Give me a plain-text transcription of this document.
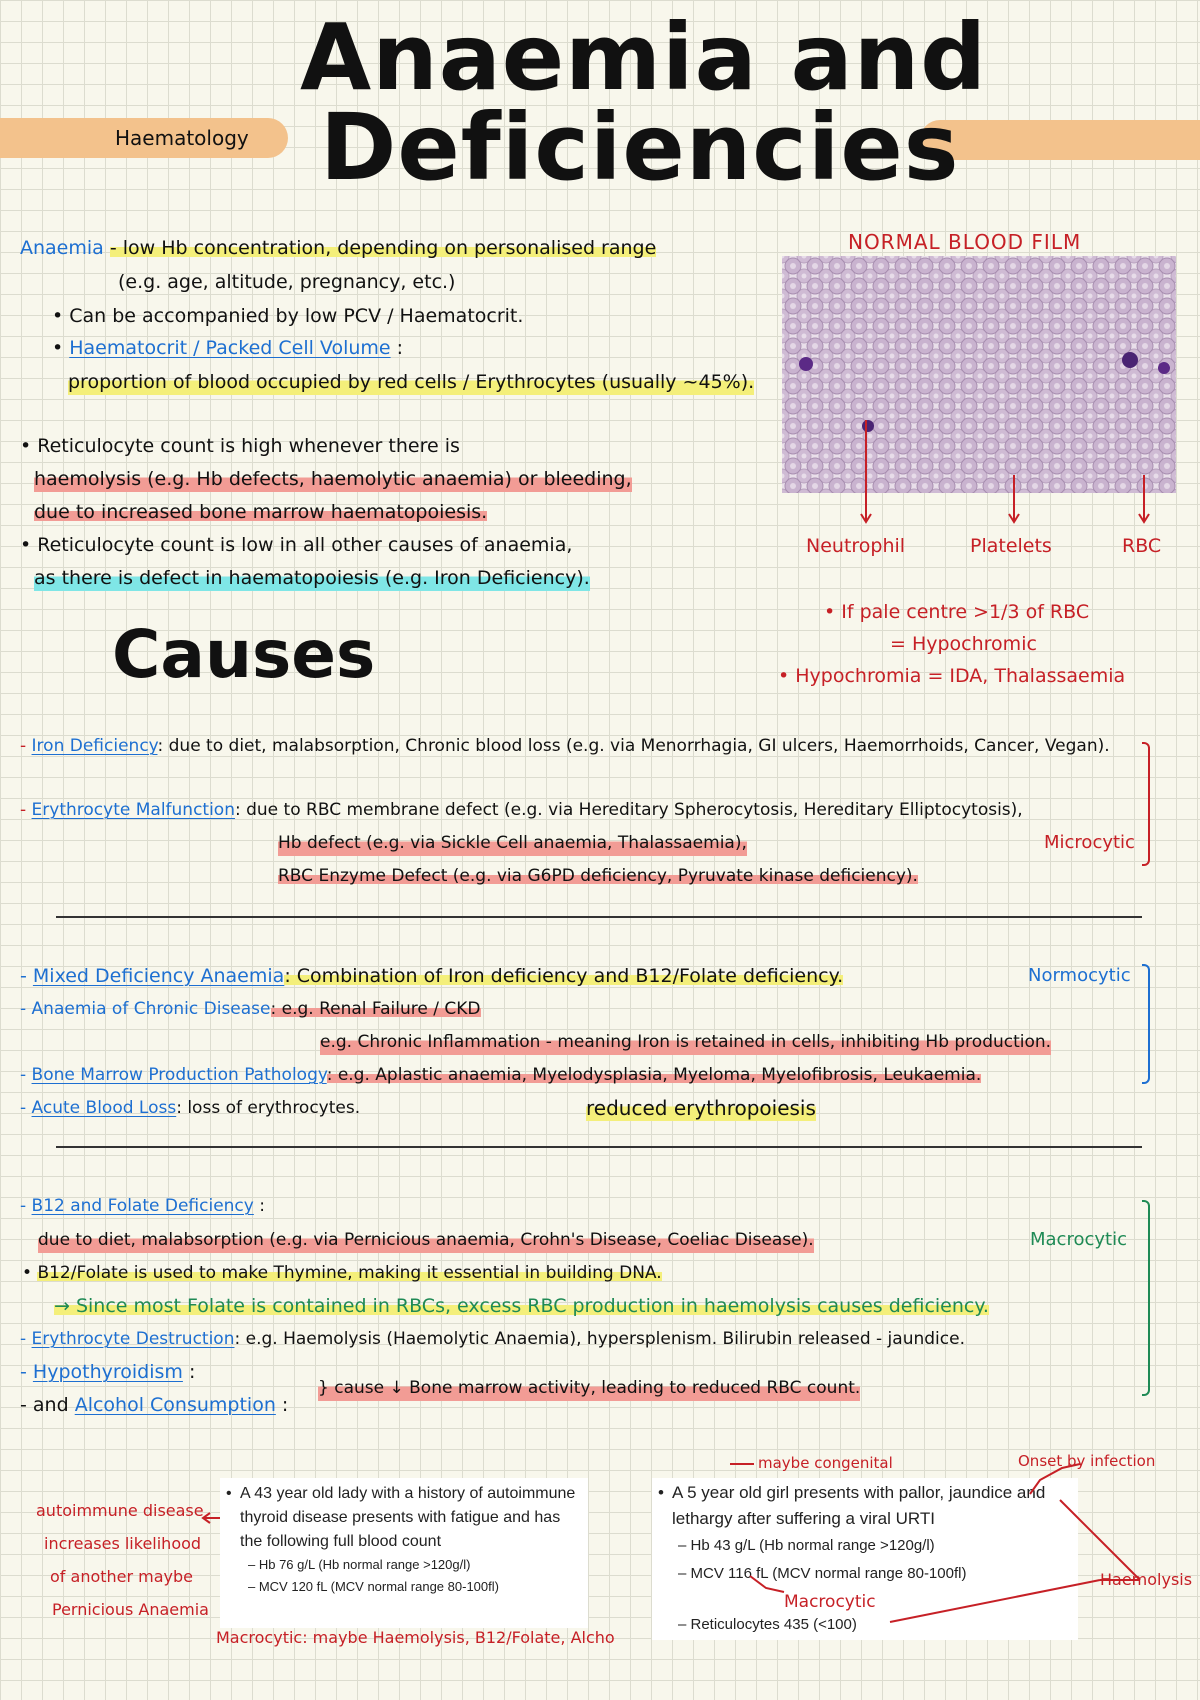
Haematology
Anaemia and
Deficiencies
Anaemia - low Hb concentration, depending on personalised range
(e.g. age, altitude, pregnancy, etc.)
• Can be accompanied by low PCV / Haematocrit.
• Haematocrit / Packed Cell Volume :
proportion of blood occupied by red cells / Erythrocytes (usually ~45%).
• Reticulocyte count is high whenever there is
haemolysis (e.g. Hb defects, haemolytic anaemia) or bleeding,
due to increased bone marrow haematopoiesis.
• Reticulocyte count is low in all other causes of anaemia,
as there is defect in haematopoiesis (e.g. Iron Deficiency).
NORMAL BLOOD FILM
Neutrophil	Platelets	RBC
• If pale centre >1/3 of RBC
= Hypochromic
• Hypochromia = IDA, Thalassaemia
Causes
- Iron Deficiency: due to diet, malabsorption, Chronic blood loss (e.g. via Menorrhagia, GI ulcers, Haemorrhoids, Cancer, Vegan).
- Erythrocyte Malfunction: due to RBC membrane defect (e.g. via Hereditary Spherocytosis, Hereditary Elliptocytosis),
Hb defect (e.g. via Sickle Cell anaemia, Thalassaemia),
RBC Enzyme Defect (e.g. via G6PD deficiency, Pyruvate kinase deficiency).
Microcytic
- Mixed Deficiency Anaemia: Combination of Iron deficiency and B12/Folate deficiency.
- Anaemia of Chronic Disease: e.g. Renal Failure / CKD
e.g. Chronic Inflammation - meaning Iron is retained in cells, inhibiting Hb production.
- Bone Marrow Production Pathology: e.g. Aplastic anaemia, Myelodysplasia, Myeloma, Myelofibrosis, Leukaemia.
- Acute Blood Loss: loss of erythrocytes.	reduced erythropoiesis
Normocytic
- B12 and Folate Deficiency :
due to diet, malabsorption (e.g. via Pernicious anaemia, Crohn's Disease, Coeliac Disease).
• B12/Folate is used to make Thymine, making it essential in building DNA.
→ Since most Folate is contained in RBCs, excess RBC production in haemolysis causes deficiency.
- Erythrocyte Destruction: e.g. Haemolysis (Haemolytic Anaemia), hypersplenism. Bilirubin released - jaundice.
- Hypothyroidism :
- and Alcohol Consumption :
} cause ↓ Bone marrow activity, leading to reduced RBC count.
Macrocytic
autoimmune disease
increases likelihood
of another maybe
Pernicious Anaemia
• A 43 year old lady with a history of autoimmune thyroid disease presents with fatigue and has the following full blood count
– Hb 76 g/L (Hb normal range >120g/l)
– MCV 120 fL (MCV normal range 80-100fl)
Macrocytic: maybe Haemolysis, B12/Folate, Alcho
maybe congenital	Onset by infection
• A 5 year old girl presents with pallor, jaundice and lethargy after suffering a viral URTI
– Hb 43 g/L (Hb normal range >120g/l)
– MCV 116 fL (MCV normal range 80-100fl)
– Reticulocytes 435 (<100)
Macrocytic
Haemolysis
